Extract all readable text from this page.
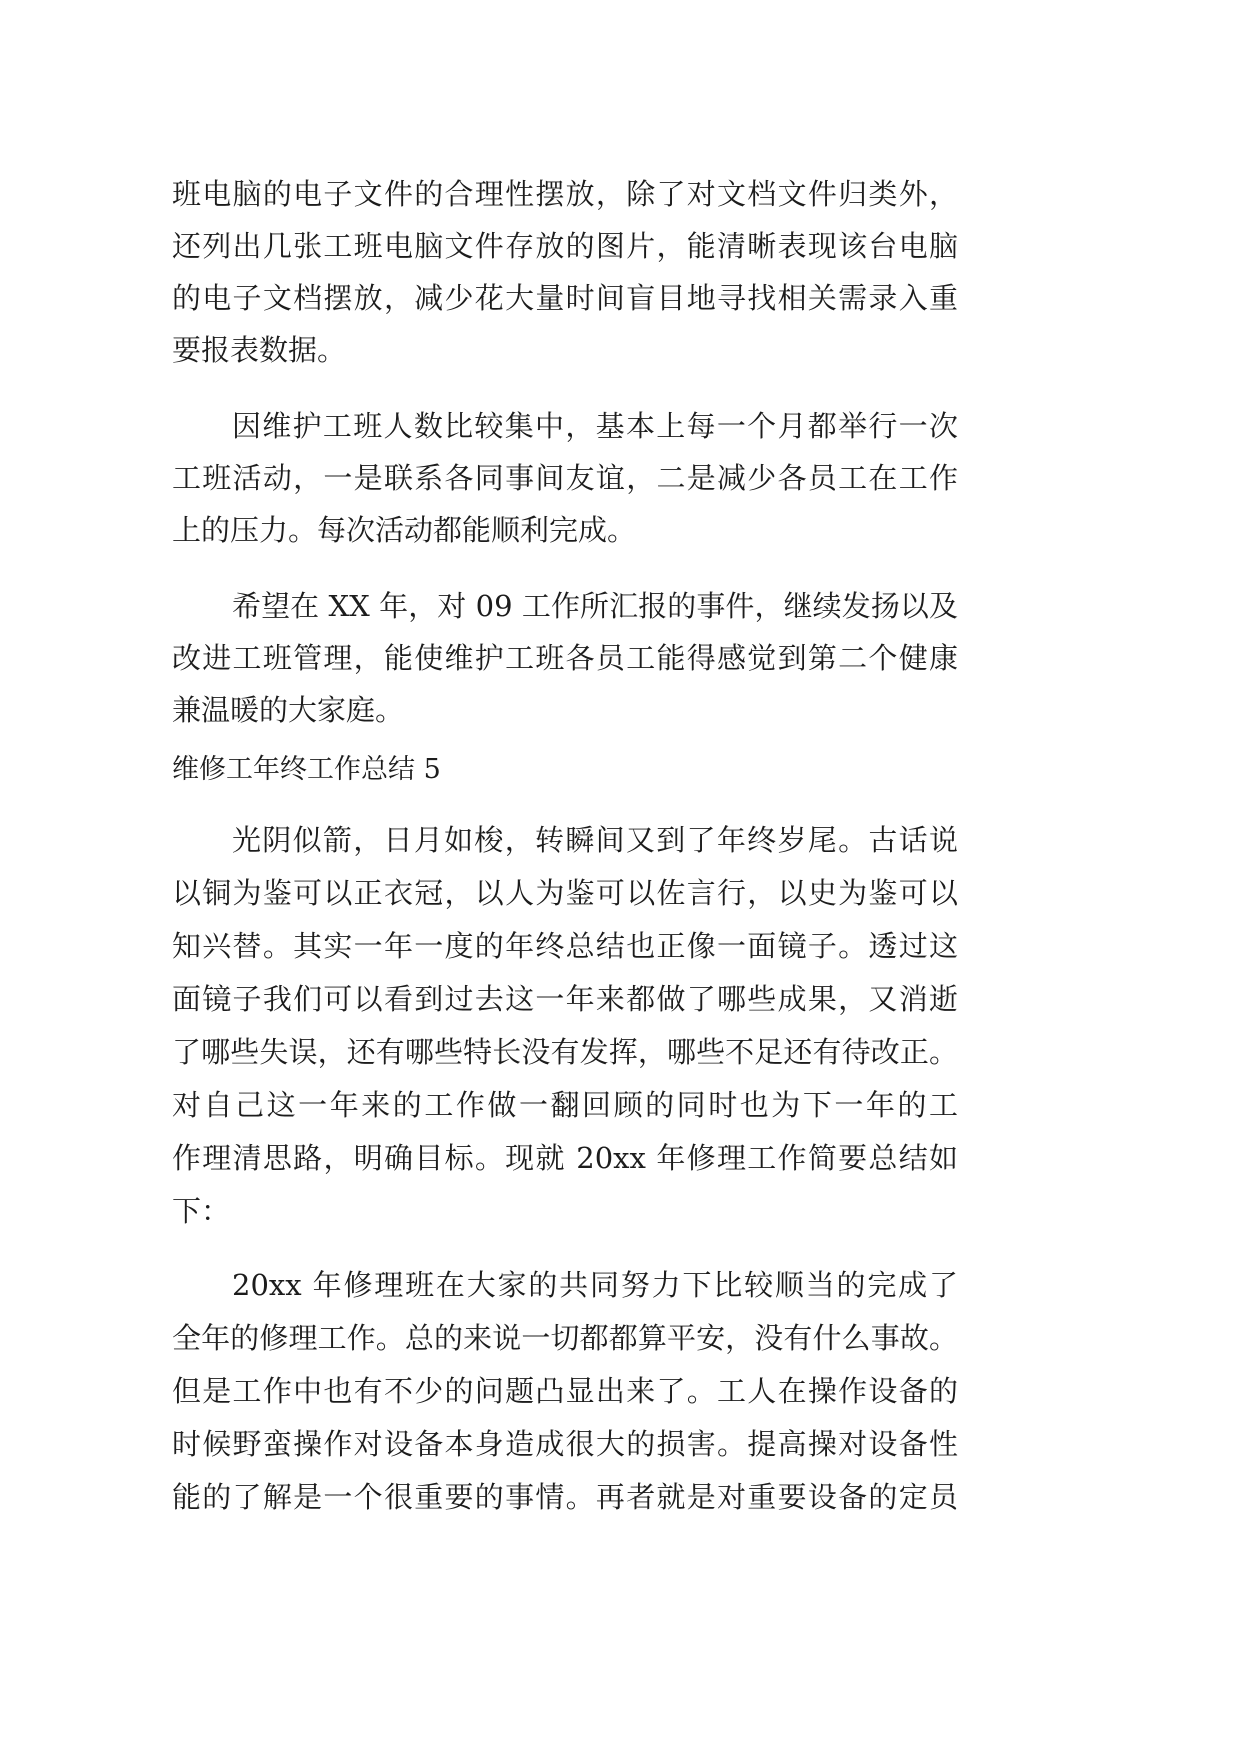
班电脑的电子文件的合理性摆放，除了对文档文件归类外，
还列出几张工班电脑文件存放的图片，能清晰表现该台电脑
的电子文档摆放，减少花大量时间盲目地寻找相关需录入重
要报表数据。
因维护工班人数比较集中，基本上每一个月都举行一次
工班活动，一是联系各同事间友谊，二是减少各员工在工作
上的压力。每次活动都能顺利完成。
希望在 XX 年，对 09 工作所汇报的事件，继续发扬以及
改进工班管理，能使维护工班各员工能得感觉到第二个健康
兼温暖的大家庭。
维修工年终工作总结 5
光阴似箭，日月如梭，转瞬间又到了年终岁尾。古话说
以铜为鉴可以正衣冠，以人为鉴可以佐言行，以史为鉴可以
知兴替。其实一年一度的年终总结也正像一面镜子。透过这
面镜子我们可以看到过去这一年来都做了哪些成果，又消逝
了哪些失误，还有哪些特长没有发挥，哪些不足还有待改正。
对自己这一年来的工作做一翻回顾的同时也为下一年的工
作理清思路，明确目标。现就 20xx 年修理工作简要总结如
下：
20xx 年修理班在大家的共同努力下比较顺当的完成了
全年的修理工作。总的来说一切都都算平安，没有什么事故。
但是工作中也有不少的问题凸显出来了。工人在操作设备的
时候野蛮操作对设备本身造成很大的损害。提高操对设备性
能的了解是一个很重要的事情。再者就是对重要设备的定员
